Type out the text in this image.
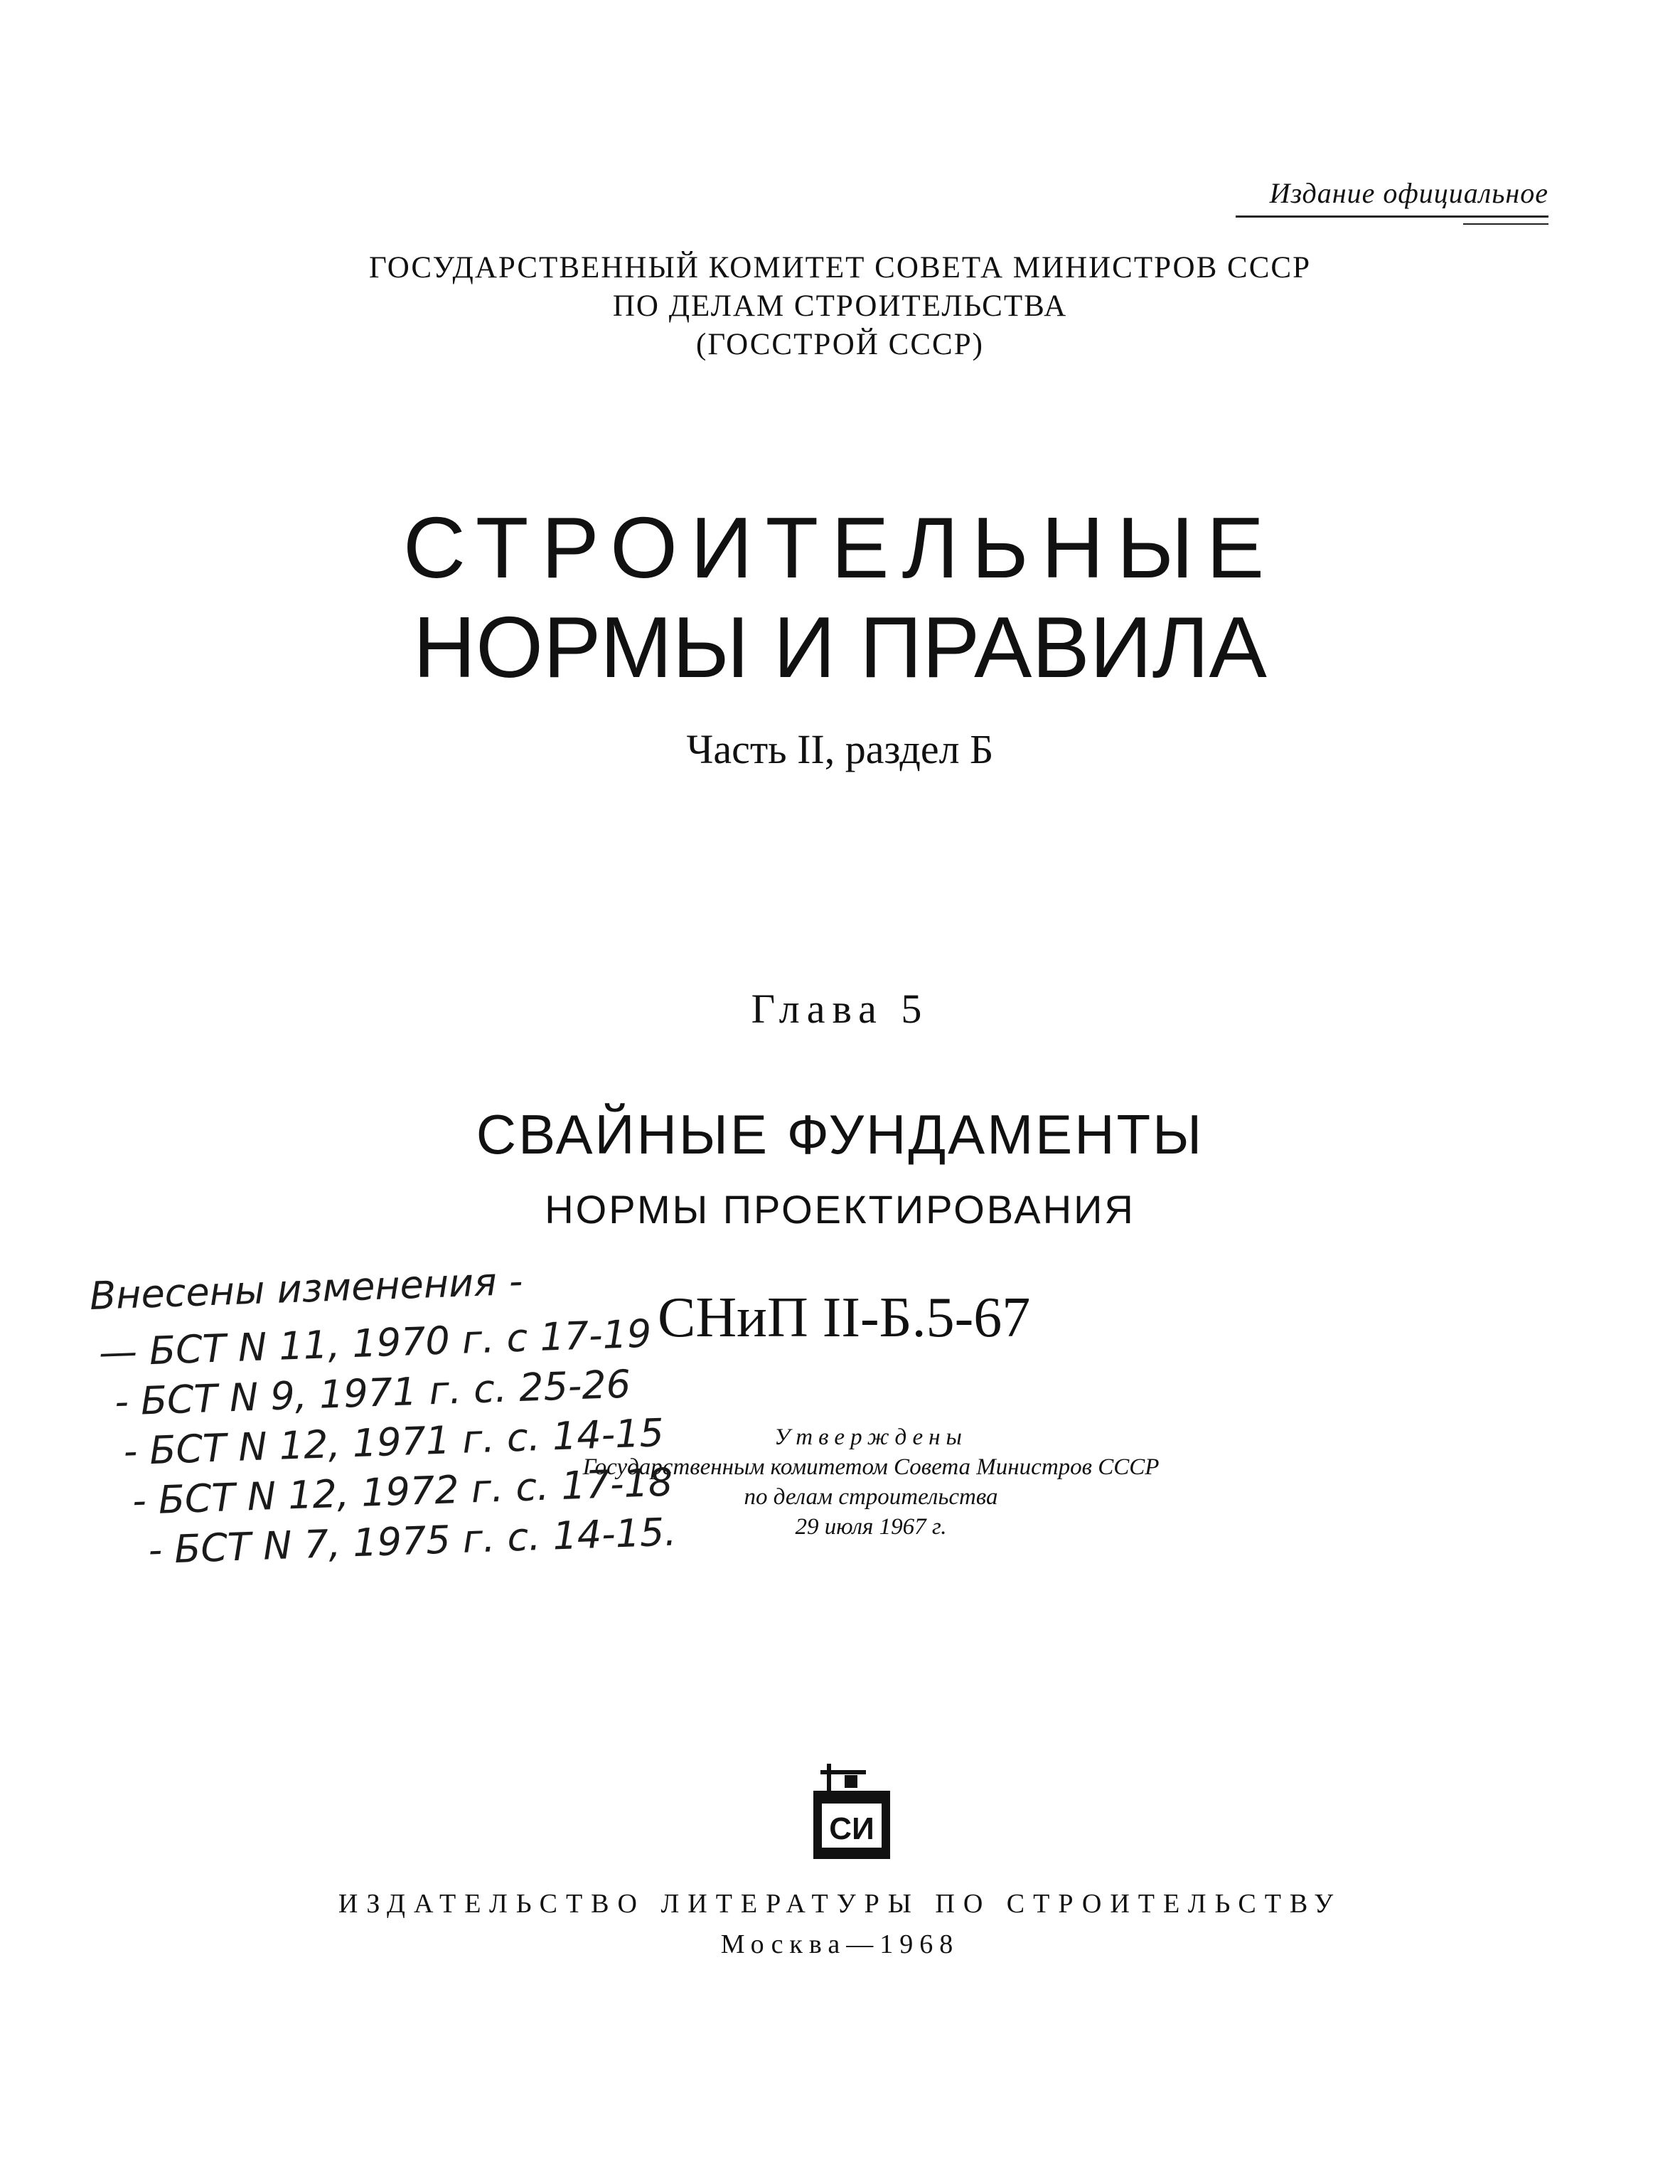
Издание официальное
ГОСУДАРСТВЕННЫЙ КОМИТЕТ СОВЕТА МИНИСТРОВ СССР
ПО ДЕЛАМ СТРОИТЕЛЬСТВА
(ГОССТРОЙ СССР)
СТРОИТЕЛЬНЫЕ
НОРМЫ И ПРАВИЛА
Часть II, раздел Б
Глава 5
СВАЙНЫЕ ФУНДАМЕНТЫ
НОРМЫ ПРОЕКТИРОВАНИЯ
СНиП II-Б.5-67
Утверждены
Государственным комитетом Совета Министров СССР
по делам строительства
29 июля 1967 г.
Внесены изменения -
— БСТ N 11, 1970 г. с 17-19
- БСТ N 9, 1971 г. с. 25-26
- БСТ N 12, 1971 г. с. 14-15
- БСТ N 12, 1972 г. с. 17-18
- БСТ N 7, 1975 г. с. 14-15.
СИ
ИЗДАТЕЛЬСТВО ЛИТЕРАТУРЫ ПО СТРОИТЕЛЬСТВУ
Москва—1968
